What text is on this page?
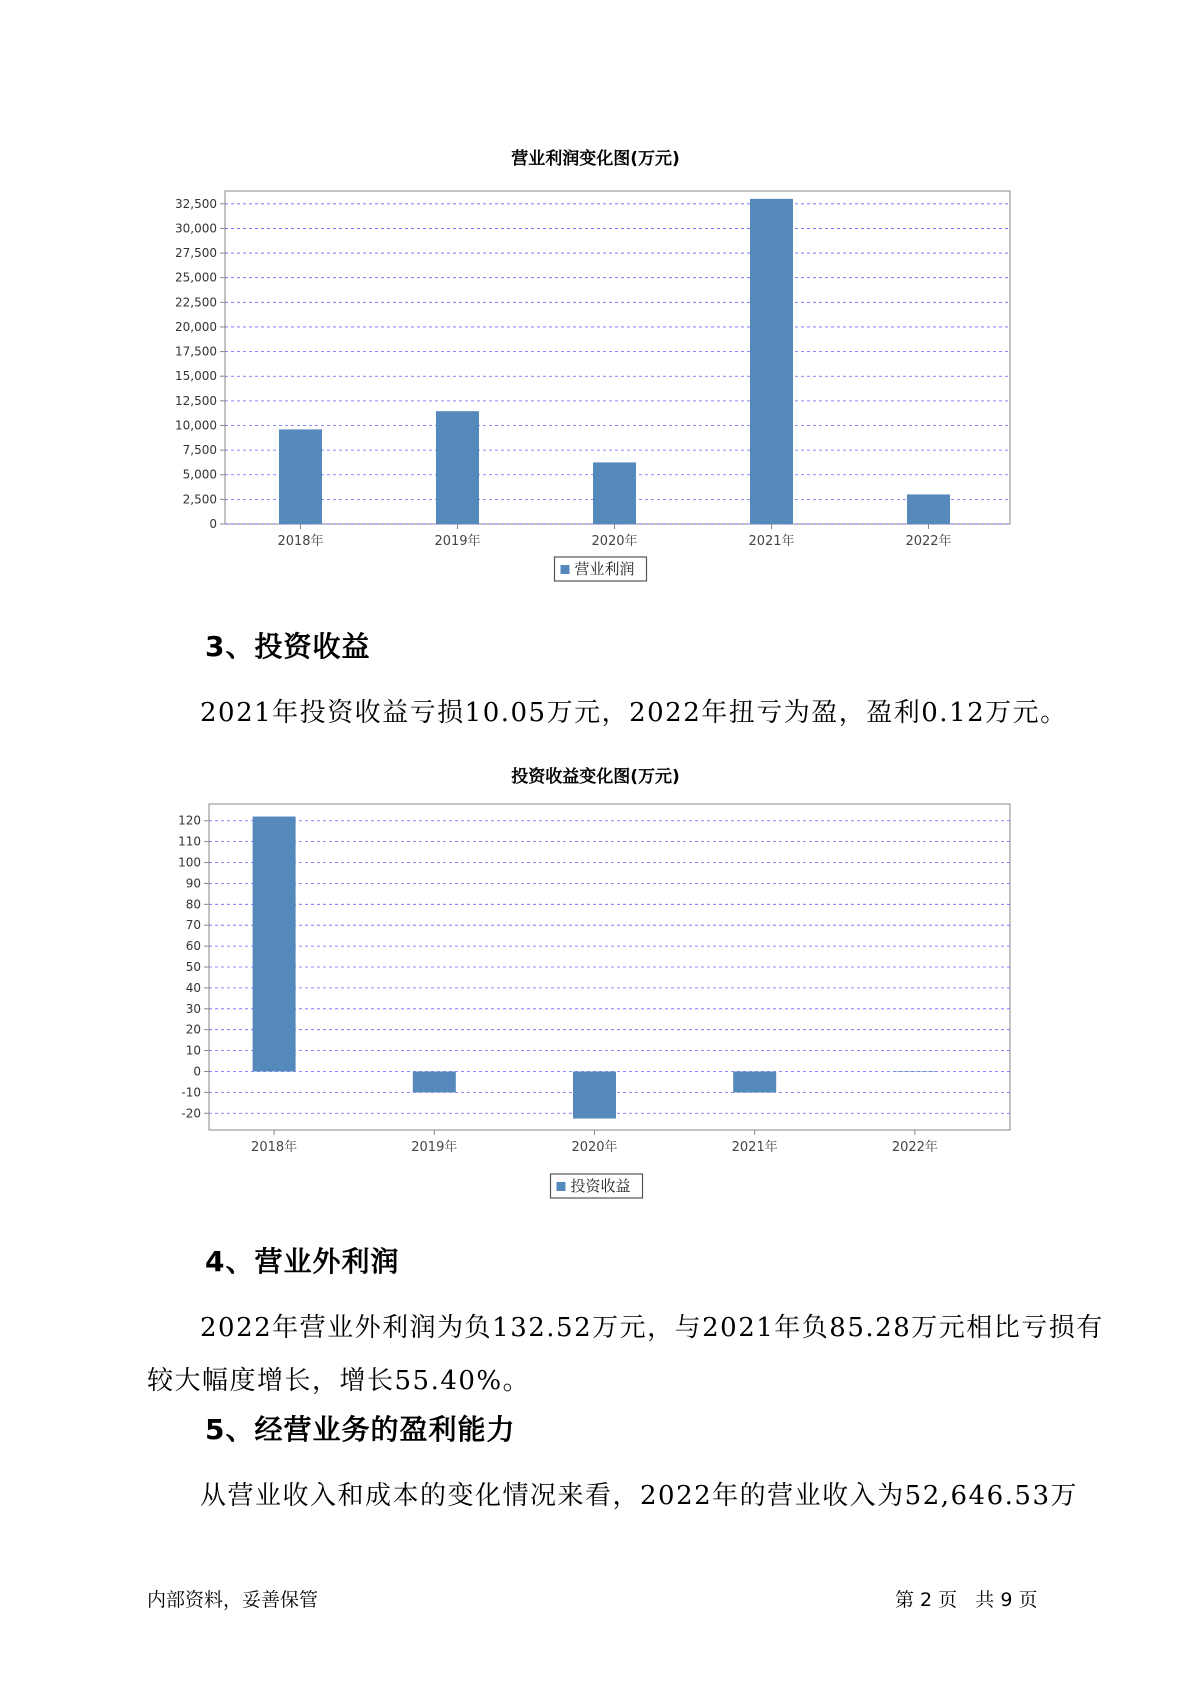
营业利润变化图(万元)
0
2,500
5,000
7,500
10,000
12,500
15,000
17,500
20,000
22,500
25,000
27,500
30,000
32,500
2018年	2019年	2020年	2021年	2022年
营业利润
3、投资收益
2021年投资收益亏损10.05万元，2022年扭亏为盈，盈利0.12万元。
投资收益变化图(万元)
-20
-10
0
10
20
30
40
50
60
70
80
90
100
110
120
2018年	2019年	2020年	2021年	2022年
投资收益
4、营业外利润
2022年营业外利润为负132.52万元，与2021年负85.28万元相比亏损有
较大幅度增长，增长55.40%。
5、经营业务的盈利能力
从营业收入和成本的变化情况来看，2022年的营业收入为52,646.53万
内部资料，妥善保管	第 2 页   共 9 页
